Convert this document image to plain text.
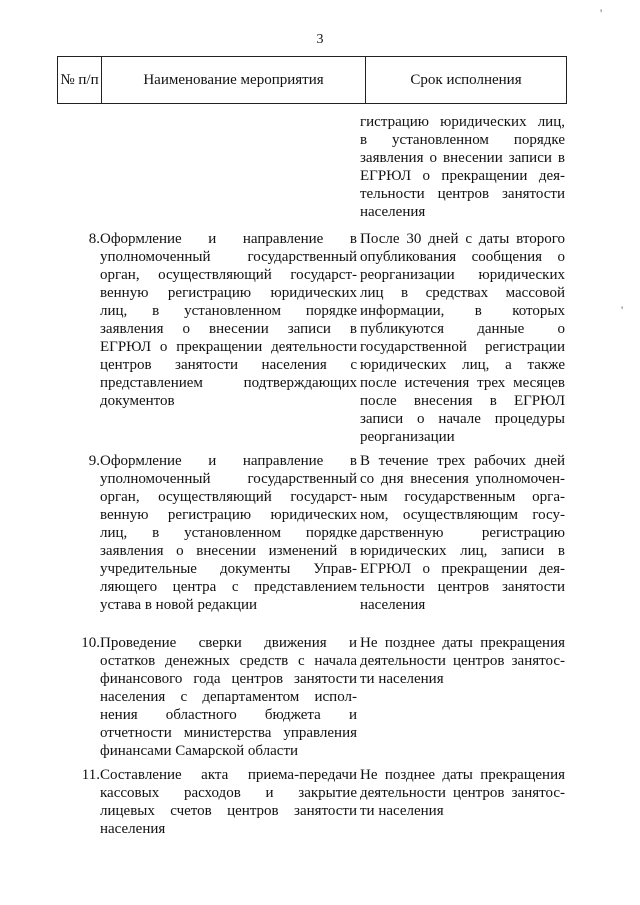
3
'
'
№ п/п	Наименование мероприятия	Срок исполнения
гистрацию юридических лиц,
в установленном порядке
заявления о внесении записи в
ЕГРЮЛ о прекращении дея-
тельности центров занятости
населения
8. Оформление и направление в
уполномоченный государственный
орган, осуществляющий государст-
венную регистрацию юридических
лиц, в установленном порядке
заявления о внесении записи в
ЕГРЮЛ о прекращении деятельности
центров занятости населения с
представлением подтверждающих
документов
После 30 дней с даты второго
опубликования сообщения о
реорганизации юридических
лиц в средствах массовой
информации, в которых
публикуются данные о
государственной регистрации
юридических лиц, а также
после истечения трех месяцев
после внесения в ЕГРЮЛ
записи о начале процедуры
реорганизации
9. Оформление и направление в
уполномоченный государственный
орган, осуществляющий государст-
венную регистрацию юридических
лиц, в установленном порядке
заявления о внесении изменений в
учредительные документы Управ-
ляющего центра с представлением
устава в новой редакции
В течение трех рабочих дней
со дня внесения уполномочен-
ным государственным орга-
ном, осуществляющим госу-
дарственную регистрацию
юридических лиц, записи в
ЕГРЮЛ о прекращении дея-
тельности центров занятости
населения
10. Проведение сверки движения и
остатков денежных средств с начала
финансового года центров занятости
населения с департаментом испол-
нения областного бюджета и
отчетности министерства управления
финансами Самарской области
Не позднее даты прекращения
деятельности центров занятос-
ти населения
11. Составление акта приема-передачи
кассовых расходов и закрытие
лицевых счетов центров занятости
населения
Не позднее даты прекращения
деятельности центров занятос-
ти населения
